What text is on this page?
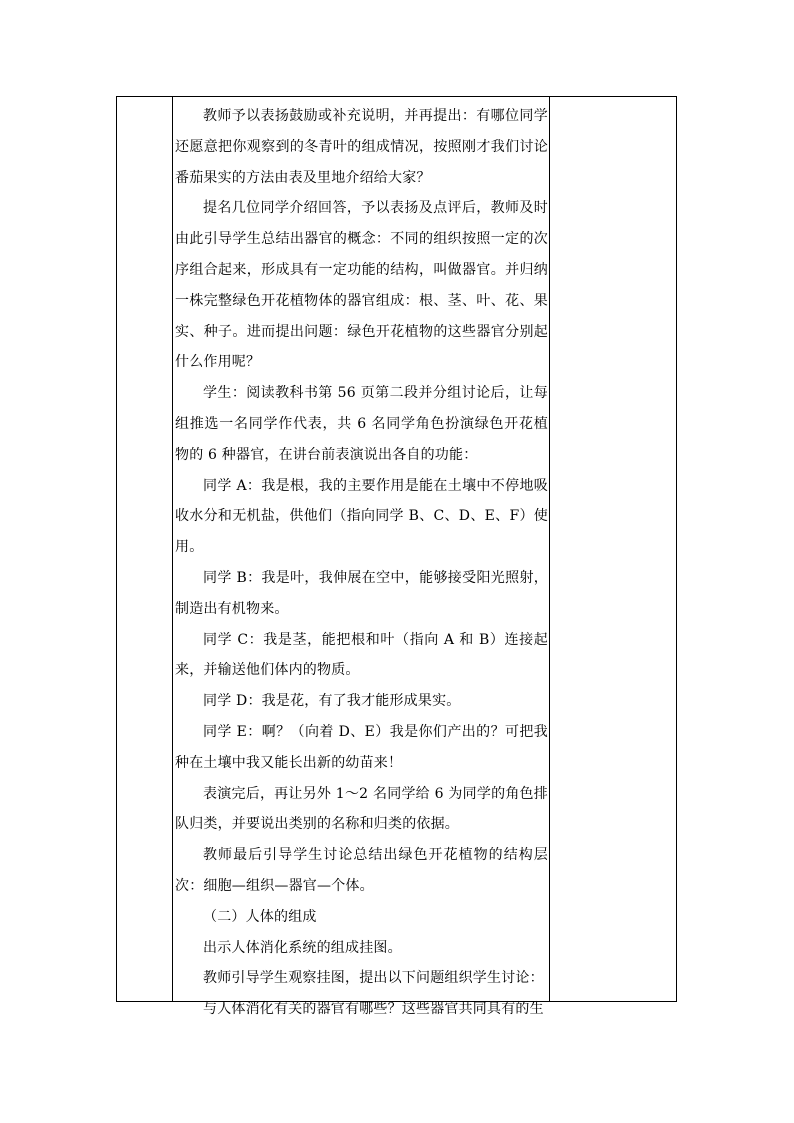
教师予以表扬鼓励或补充说明，并再提出：有哪位同学还愿意把你观察到的冬青叶的组成情况，按照刚才我们讨论番茄果实的方法由表及里地介绍给大家？

提名几位同学介绍回答，予以表扬及点评后，教师及时由此引导学生总结出器官的概念：不同的组织按照一定的次序组合起来，形成具有一定功能的结构，叫做器官。并归纳一株完整绿色开花植物体的器官组成：根、茎、叶、花、果实、种子。进而提出问题：绿色开花植物的这些器官分别起什么作用呢？

学生：阅读教科书第 56 页第二段并分组讨论后，让每组推选一名同学作代表，共 6 名同学角色扮演绿色开花植物的 6 种器官，在讲台前表演说出各自的功能：

同学 A：我是根，我的主要作用是能在土壤中不停地吸收水分和无机盐，供他们（指向同学 B、C、D、E、F）使用。

同学 B：我是叶，我伸展在空中，能够接受阳光照射，制造出有机物来。

同学 C：我是茎，能把根和叶（指向 A 和 B）连接起来，并输送他们体内的物质。

同学 D：我是花，有了我才能形成果实。

同学 E：啊？（向着 D、E）我是你们产出的？可把我种在土壤中我又能长出新的幼苗来！

表演完后，再让另外 1～2 名同学给 6 为同学的角色排队归类，并要说出类别的名称和归类的依据。

教师最后引导学生讨论总结出绿色开花植物的结构层次：细胞—组织—器官—个体。

（二）人体的组成

出示人体消化系统的组成挂图。

教师引导学生观察挂图，提出以下问题组织学生讨论：

与人体消化有关的器官有哪些？这些器官共同具有的生
